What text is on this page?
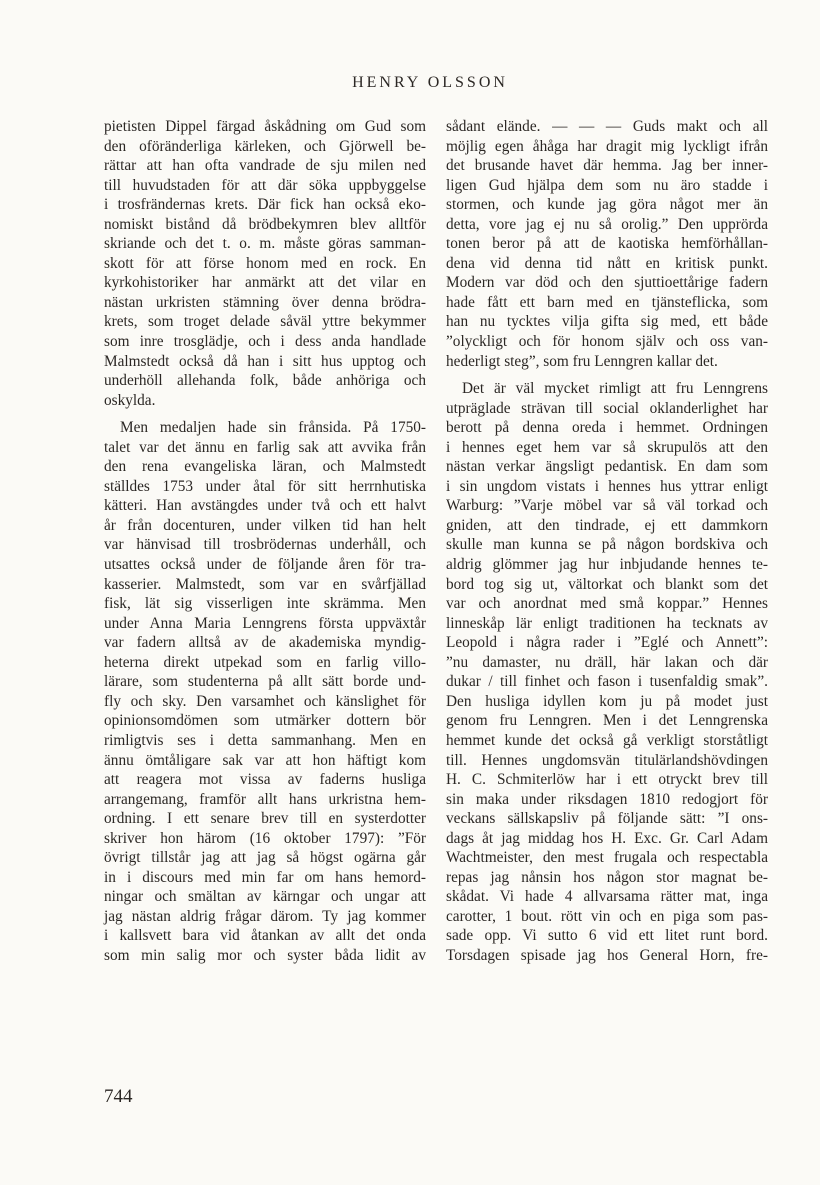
HENRY OLSSON
pietisten Dippel färgad åskådning om Gud som
den oföränderliga kärleken, och Gjörwell be-
rättar att han ofta vandrade de sju milen ned
till huvudstaden för att där söka uppbyggelse
i trosfrändernas krets. Där fick han också eko-
nomiskt bistånd då brödbekymren blev alltför
skriande och det t. o. m. måste göras samman-
skott för att förse honom med en rock. En
kyrkohistoriker har anmärkt att det vilar en
nästan urkristen stämning över denna brödra-
krets, som troget delade såväl yttre bekymmer
som inre trosglädje, och i dess anda handlade
Malmstedt också då han i sitt hus upptog och
underhöll allehanda folk, både anhöriga och
oskylda.
Men medaljen hade sin frånsida. På 1750-
talet var det ännu en farlig sak att avvika från
den rena evangeliska läran, och Malmstedt
ställdes 1753 under åtal för sitt herrnhutiska
kätteri. Han avstängdes under två och ett halvt
år från docenturen, under vilken tid han helt
var hänvisad till trosbrödernas underhåll, och
utsattes också under de följande åren för tra-
kasserier. Malmstedt, som var en svårfjällad
fisk, lät sig visserligen inte skrämma. Men
under Anna Maria Lenngrens första uppväxtår
var fadern alltså av de akademiska myndig-
heterna direkt utpekad som en farlig villo-
lärare, som studenterna på allt sätt borde und-
fly och sky. Den varsamhet och känslighet för
opinionsomdömen som utmärker dottern bör
rimligtvis ses i detta sammanhang. Men en
ännu ömtåligare sak var att hon häftigt kom
att reagera mot vissa av faderns husliga
arrangemang, framför allt hans urkristna hem-
ordning. I ett senare brev till en systerdotter
skriver hon härom (16 oktober 1797): ”För
övrigt tillstår jag att jag så högst ogärna går
in i discours med min far om hans hemord-
ningar och smältan av kärngar och ungar att
jag nästan aldrig frågar därom. Ty jag kommer
i kallsvett bara vid åtankan av allt det onda
som min salig mor och syster båda lidit av
sådant elände. — — — Guds makt och all
möjlig egen åhåga har dragit mig lyckligt ifrån
det brusande havet där hemma. Jag ber inner-
ligen Gud hjälpa dem som nu äro stadde i
stormen, och kunde jag göra något mer än
detta, vore jag ej nu så orolig.” Den upprörda
tonen beror på att de kaotiska hemförhållan-
dena vid denna tid nått en kritisk punkt.
Modern var död och den sjuttioettårige fadern
hade fått ett barn med en tjänsteflicka, som
han nu tycktes vilja gifta sig med, ett både
”olyckligt och för honom själv och oss van-
hederligt steg”, som fru Lenngren kallar det.
Det är väl mycket rimligt att fru Lenngrens
utpräglade strävan till social oklanderlighet har
berott på denna oreda i hemmet. Ordningen
i hennes eget hem var så skrupulös att den
nästan verkar ängsligt pedantisk. En dam som
i sin ungdom vistats i hennes hus yttrar enligt
Warburg: ”Varje möbel var så väl torkad och
gniden, att den tindrade, ej ett dammkorn
skulle man kunna se på någon bordskiva och
aldrig glömmer jag hur inbjudande hennes te-
bord tog sig ut, vältorkat och blankt som det
var och anordnat med små koppar.” Hennes
linneskåp lär enligt traditionen ha tecknats av
Leopold i några rader i ”Eglé och Annett”:
”nu damaster, nu dräll, här lakan och där
dukar / till finhet och fason i tusenfaldig smak”.
Den husliga idyllen kom ju på modet just
genom fru Lenngren. Men i det Lenngrenska
hemmet kunde det också gå verkligt storståtligt
till. Hennes ungdomsvän titulärlandshövdingen
H. C. Schmiterlöw har i ett otryckt brev till
sin maka under riksdagen 1810 redogjort för
veckans sällskapsliv på följande sätt: ”I ons-
dags åt jag middag hos H. Exc. Gr. Carl Adam
Wachtmeister, den mest frugala och respectabla
repas jag nånsin hos någon stor magnat be-
skådat. Vi hade 4 allvarsama rätter mat, inga
carotter, 1 bout. rött vin och en piga som pas-
sade opp. Vi sutto 6 vid ett litet runt bord.
Torsdagen spisade jag hos General Horn, fre-
744
